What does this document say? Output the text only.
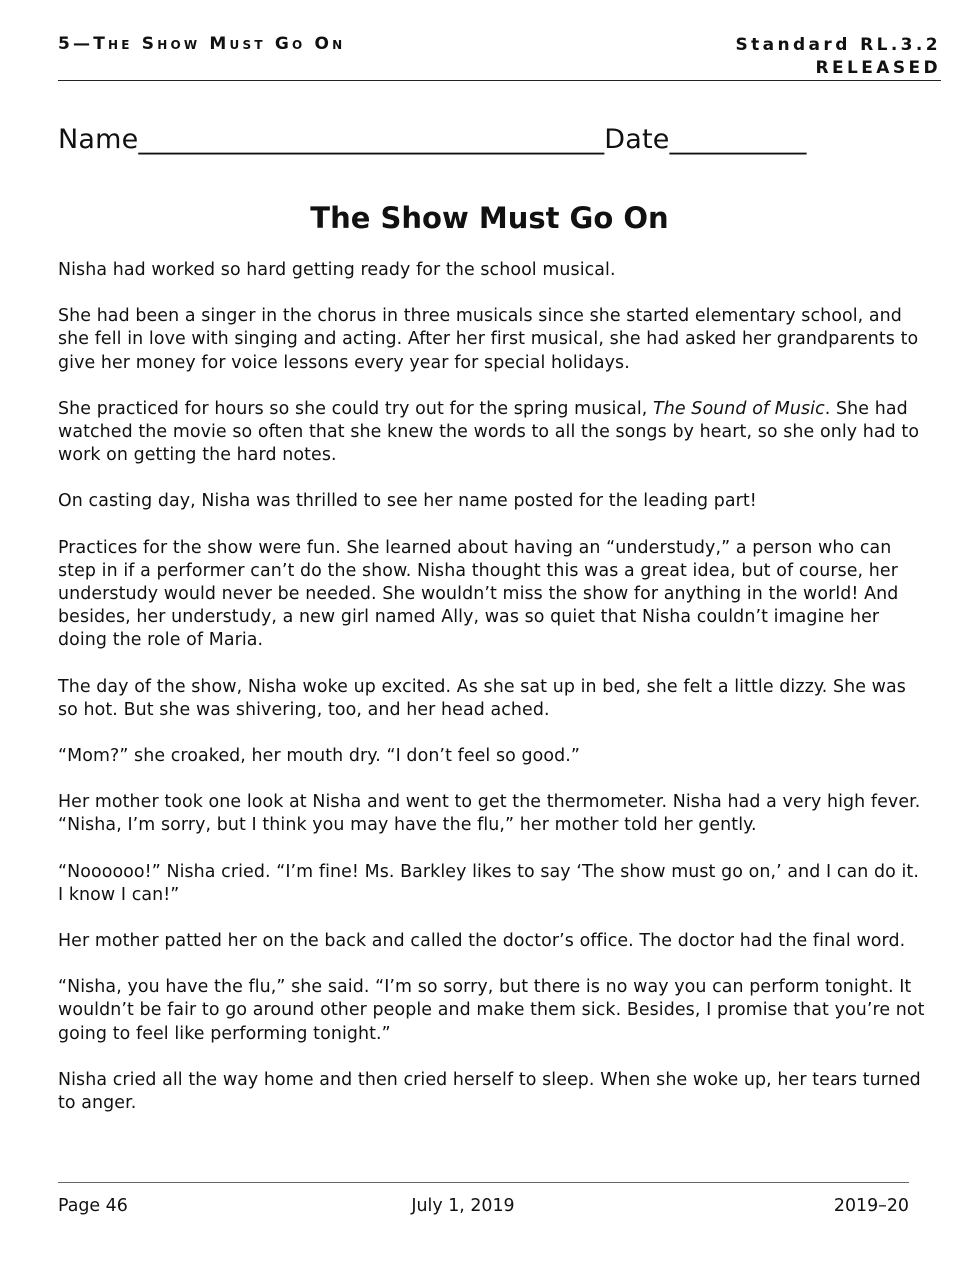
5—The Show Must Go On	Standard RL.3.2
RELEASED
Name__________________________________Date__________
The Show Must Go On

Nisha had worked so hard getting ready for the school musical.

She had been a singer in the chorus in three musicals since she started elementary school, and she fell in love with singing and acting. After her first musical, she had asked her grandparents to give her money for voice lessons every year for special holidays.

She practiced for hours so she could try out for the spring musical, The Sound of Music. She had watched the movie so often that she knew the words to all the songs by heart, so she only had to work on getting the hard notes.

On casting day, Nisha was thrilled to see her name posted for the leading part!

Practices for the show were fun. She learned about having an “understudy,” a person who can step in if a performer can’t do the show. Nisha thought this was a great idea, but of course, her understudy would never be needed. She wouldn’t miss the show for anything in the world! And besides, her understudy, a new girl named Ally, was so quiet that Nisha couldn’t imagine her doing the role of Maria.

The day of the show, Nisha woke up excited. As she sat up in bed, she felt a little dizzy. She was so hot. But she was shivering, too, and her head ached.

“Mom?” she croaked, her mouth dry. “I don’t feel so good.”

Her mother took one look at Nisha and went to get the thermometer. Nisha had a very high fever. “Nisha, I’m sorry, but I think you may have the flu,” her mother told her gently.

“Noooooo!” Nisha cried. “I’m fine! Ms. Barkley likes to say ‘The show must go on,’ and I can do it. I know I can!”

Her mother patted her on the back and called the doctor’s office. The doctor had the final word.

“Nisha, you have the flu,” she said. “I’m so sorry, but there is no way you can perform tonight. It wouldn’t be fair to go around other people and make them sick. Besides, I promise that you’re not going to feel like performing tonight.”

Nisha cried all the way home and then cried herself to sleep. When she woke up, her tears turned to anger.

Page 46	July 1, 2019	2019–20
